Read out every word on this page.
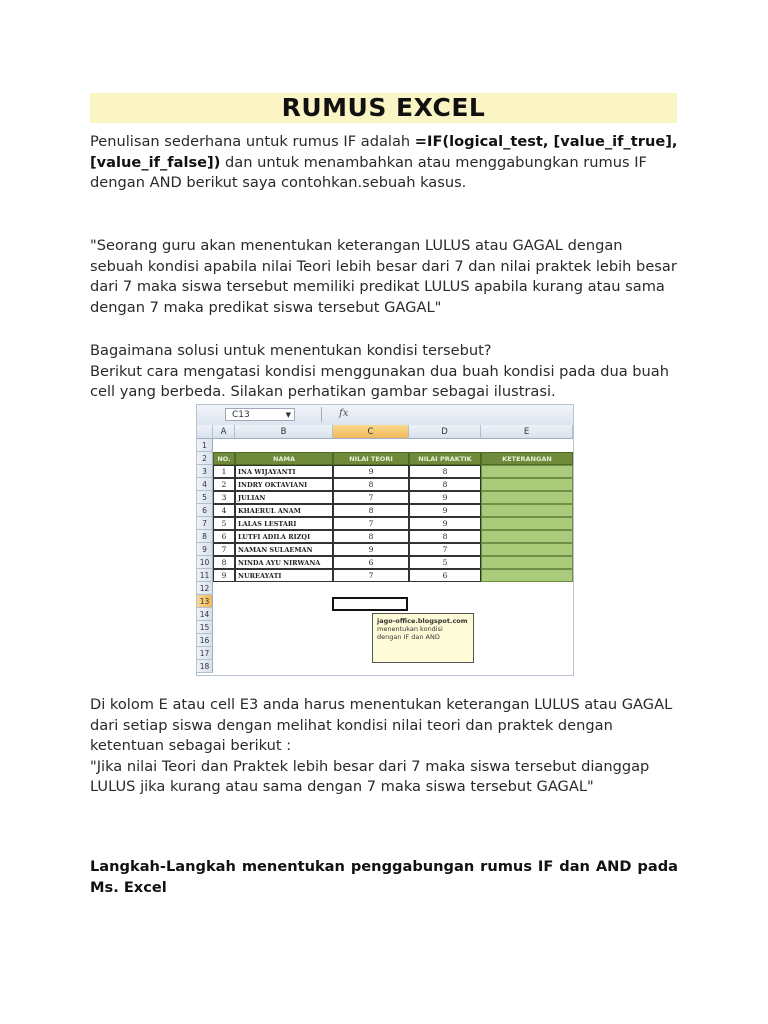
RUMUS EXCEL
Penulisan sederhana untuk rumus IF adalah =IF(logical_test, [value_if_true], [value_if_false]) dan untuk menambahkan atau menggabungkan rumus IF dengan AND berikut saya contohkan.sebuah kasus.
"Seorang guru akan menentukan keterangan LULUS atau GAGAL dengan sebuah kondisi apabila nilai Teori lebih besar dari 7 dan nilai praktek lebih besar dari 7 maka siswa tersebut memiliki predikat LULUS apabila kurang atau sama dengan 7 maka predikat siswa tersebut GAGAL"
Bagaimana solusi untuk menentukan kondisi tersebut?
Berikut cara mengatasi kondisi menggunakan dua buah kondisi pada dua buah cell yang berbeda. Silakan perhatikan gambar sebagai ilustrasi.
C13	▼	fx
A	B	C	D	E
1
2
3
4
5
6
7
8
9
10
11
12
13
14
15
16
17
18
NO.	NAMA	NILAI TEORI	NILAI PRAKTIK	KETERANGAN
1	INA WIJAYANTI	9	8
2	INDRY OKTAVIANI	8	8
3	JULIAN	7	9
4	KHAERUL ANAM	8	9
5	LALAS LESTARI	7	9
6	LUTFI ADILA RIZQI	8	8
7	NAMAN SULAEMAN	9	7
8	NINDA AYU NIRWANA	6	5
9	NUREAYATI	7	6
jago-office.blogspot.com
menentukan kondisi dengan IF dan AND
Di kolom E atau cell E3 anda harus menentukan keterangan LULUS atau GAGAL dari setiap siswa dengan melihat kondisi nilai teori dan praktek dengan ketentuan sebagai berikut :
"Jika nilai Teori dan Praktek lebih besar dari 7 maka siswa tersebut dianggap LULUS jika kurang atau sama dengan 7 maka siswa tersebut GAGAL"
Langkah-Langkah menentukan penggabungan rumus IF dan AND pada Ms. Excel
